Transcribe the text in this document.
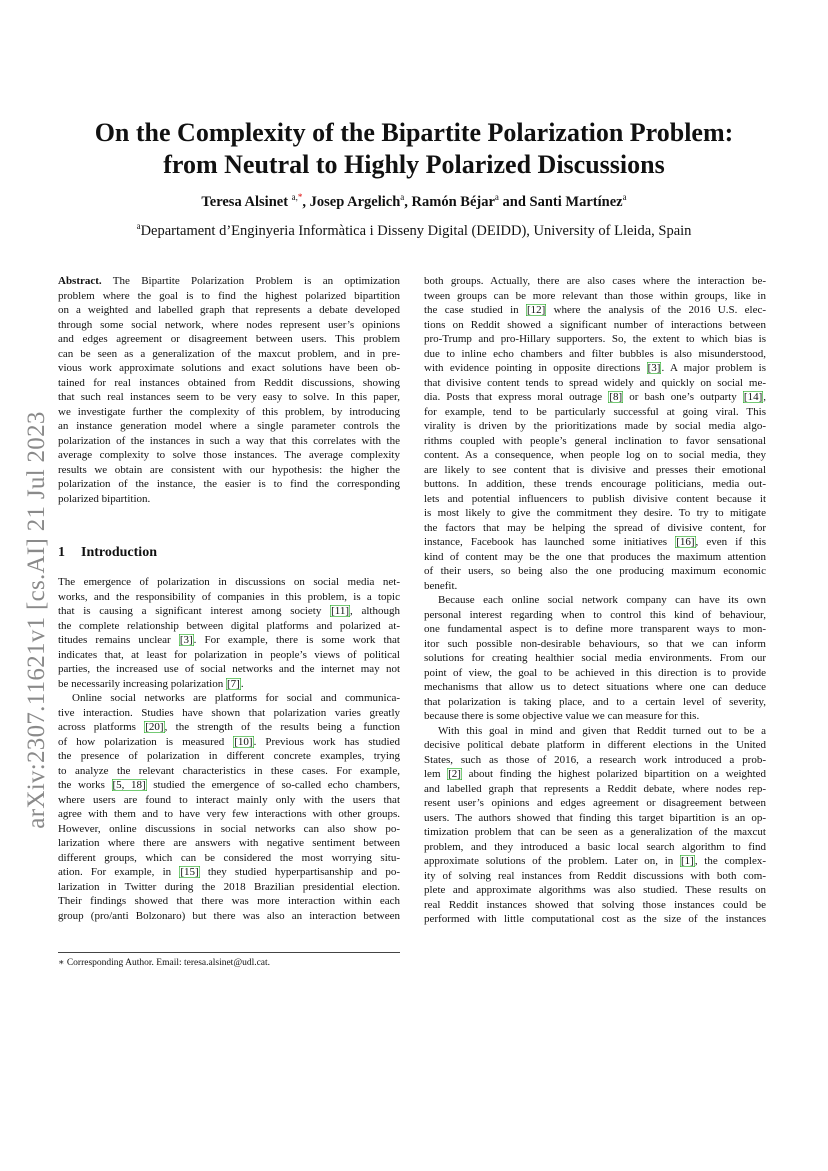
arXiv:2307.11621v1 [cs.AI] 21 Jul 2023
On the Complexity of the Bipartite Polarization Problem:
from Neutral to Highly Polarized Discussions
Teresa Alsinet $^{a,*}$, Josep Argelich$^a$, Ramón Béjar$^a$ and Santi Martínez$^a$
$^a$Departament d’Enginyeria Informàtica i Disseny Digital (DEIDD), University of Lleida, Spain

Abstract. The Bipartite Polarization Problem is an optimization

problem where the goal is to find the highest polarized bipartition

on a weighted and labelled graph that represents a debate developed

through some social network, where nodes represent user’s opinions

and edges agreement or disagreement between users. This problem

can be seen as a generalization of the maxcut problem, and in pre-

vious work approximate solutions and exact solutions have been ob-

tained for real instances obtained from Reddit discussions, showing

that such real instances seem to be very easy to solve. In this paper,

we investigate further the complexity of this problem, by introducing

an instance generation model where a single parameter controls the

polarization of the instances in such a way that this correlates with the

average complexity to solve those instances. The average complexity

results we obtain are consistent with our hypothesis: the higher the

polarization of the instance, the easier is to find the corresponding

polarized bipartition.

1 Introduction

The emergence of polarization in discussions on social media net-

works, and the responsibility of companies in this problem, is a topic

that is causing a significant interest among society [11], although

the complete relationship between digital platforms and polarized at-

titudes remains unclear [3]. For example, there is some work that

indicates that, at least for polarization in people’s views of political

parties, the increased use of social networks and the internet may not

be necessarily increasing polarization [7].

Online social networks are platforms for social and communica-

tive interaction. Studies have shown that polarization varies greatly

across platforms [20], the strength of the results being a function

of how polarization is measured [10]. Previous work has studied

the presence of polarization in different concrete examples, trying

to analyze the relevant characteristics in these cases. For example,

the works [5, 18] studied the emergence of so-called echo chambers,

where users are found to interact mainly only with the users that

agree with them and to have very few interactions with other groups.

However, online discussions in social networks can also show po-

larization where there are answers with negative sentiment between

different groups, which can be considered the most worrying situ-

ation. For example, in [15] they studied hyperpartisanship and po-

larization in Twitter during the 2018 Brazilian presidential election.

Their findings showed that there was more interaction within each

group (pro/anti Bolzonaro) but there was also an interaction between

both groups. Actually, there are also cases where the interaction be-

tween groups can be more relevant than those within groups, like in

the case studied in [12] where the analysis of the 2016 U.S. elec-

tions on Reddit showed a significant number of interactions between

pro-Trump and pro-Hillary supporters. So, the extent to which bias is

due to inline echo chambers and filter bubbles is also misunderstood,

with evidence pointing in opposite directions [3]. A major problem is

that divisive content tends to spread widely and quickly on social me-

dia. Posts that express moral outrage [8] or bash one’s outparty [14],

for example, tend to be particularly successful at going viral. This

virality is driven by the prioritizations made by social media algo-

rithms coupled with people’s general inclination to favor sensational

content. As a consequence, when people log on to social media, they

are likely to see content that is divisive and presses their emotional

buttons. In addition, these trends encourage politicians, media out-

lets and potential influencers to publish divisive content because it

is most likely to give the commitment they desire. To try to mitigate

the factors that may be helping the spread of divisive content, for

instance, Facebook has launched some initiatives [16], even if this

kind of content may be the one that produces the maximum attention

of their users, so being also the one producing maximum economic

benefit.

Because each online social network company can have its own

personal interest regarding when to control this kind of behaviour,

one fundamental aspect is to define more transparent ways to mon-

itor such possible non-desirable behaviours, so that we can inform

solutions for creating healthier social media environments. From our

point of view, the goal to be achieved in this direction is to provide

mechanisms that allow us to detect situations where one can deduce

that polarization is taking place, and to a certain level of severity,

because there is some objective value we can measure for this.

With this goal in mind and given that Reddit turned out to be a

decisive political debate platform in different elections in the United

States, such as those of 2016, a research work introduced a prob-

lem [2] about finding the highest polarized bipartition on a weighted

and labelled graph that represents a Reddit debate, where nodes rep-

resent user’s opinions and edges agreement or disagreement between

users. The authors showed that finding this target bipartition is an op-

timization problem that can be seen as a generalization of the maxcut

problem, and they introduced a basic local search algorithm to find

approximate solutions of the problem. Later on, in [1], the complex-

ity of solving real instances from Reddit discussions with both com-

plete and approximate algorithms was also studied. These results on

real Reddit instances showed that solving those instances could be

performed with little computational cost as the size of the instances

∗ Corresponding Author. Email: teresa.alsinet@udl.cat.
